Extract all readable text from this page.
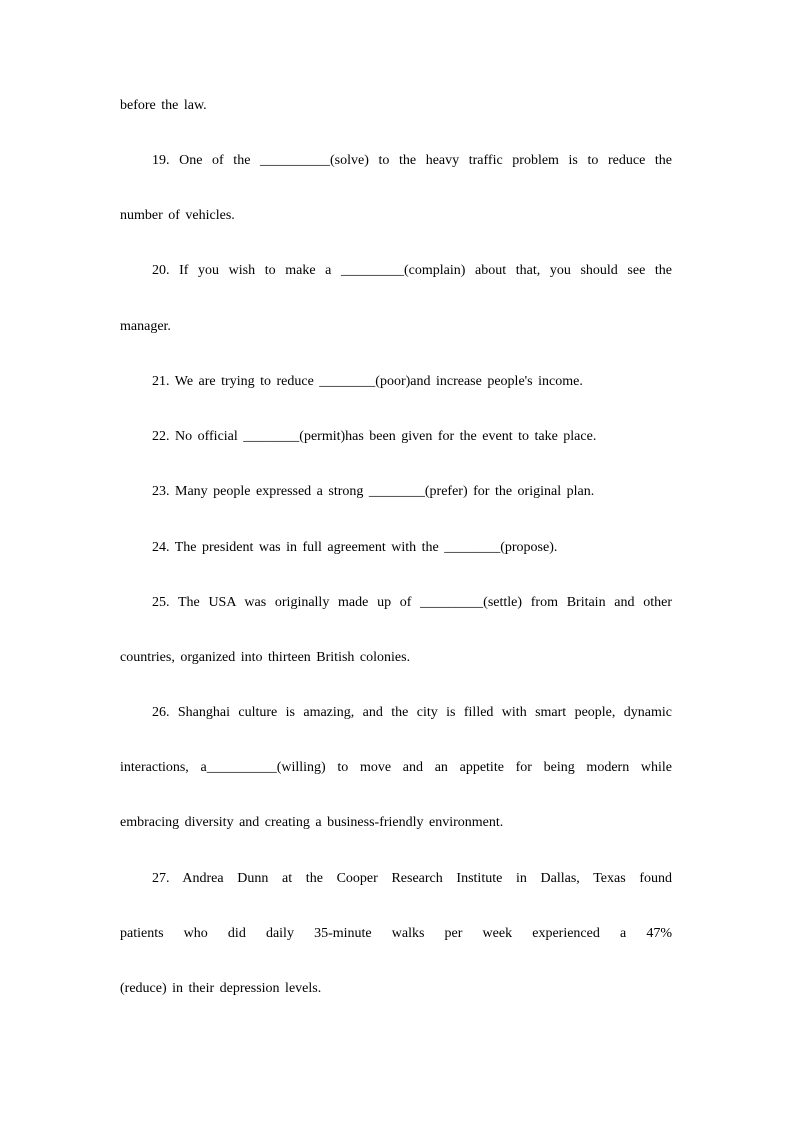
before the law.
19. One of the __________(solve) to the heavy traffic problem is to reduce the
number of vehicles.
20. If you wish to make a _________(complain) about that, you should see the
manager.
21. We are trying to reduce ________(poor)and increase people's income.
22. No official ________(permit)has been given for the event to take place.
23. Many people expressed a strong ________(prefer) for the original plan.
24. The president was in full agreement with the ________(propose).
25. The USA was originally made up of _________(settle) from Britain and other
countries, organized into thirteen British colonies.
26. Shanghai culture is amazing, and the city is filled with smart people, dynamic
interactions, a__________(willing) to move and an appetite for being modern while
embracing diversity and creating a business-friendly environment.
27. Andrea Dunn at the Cooper Research Institute in Dallas, Texas found
patients who did daily 35-minute walks per week experienced a 47%
(reduce) in their depression levels.
